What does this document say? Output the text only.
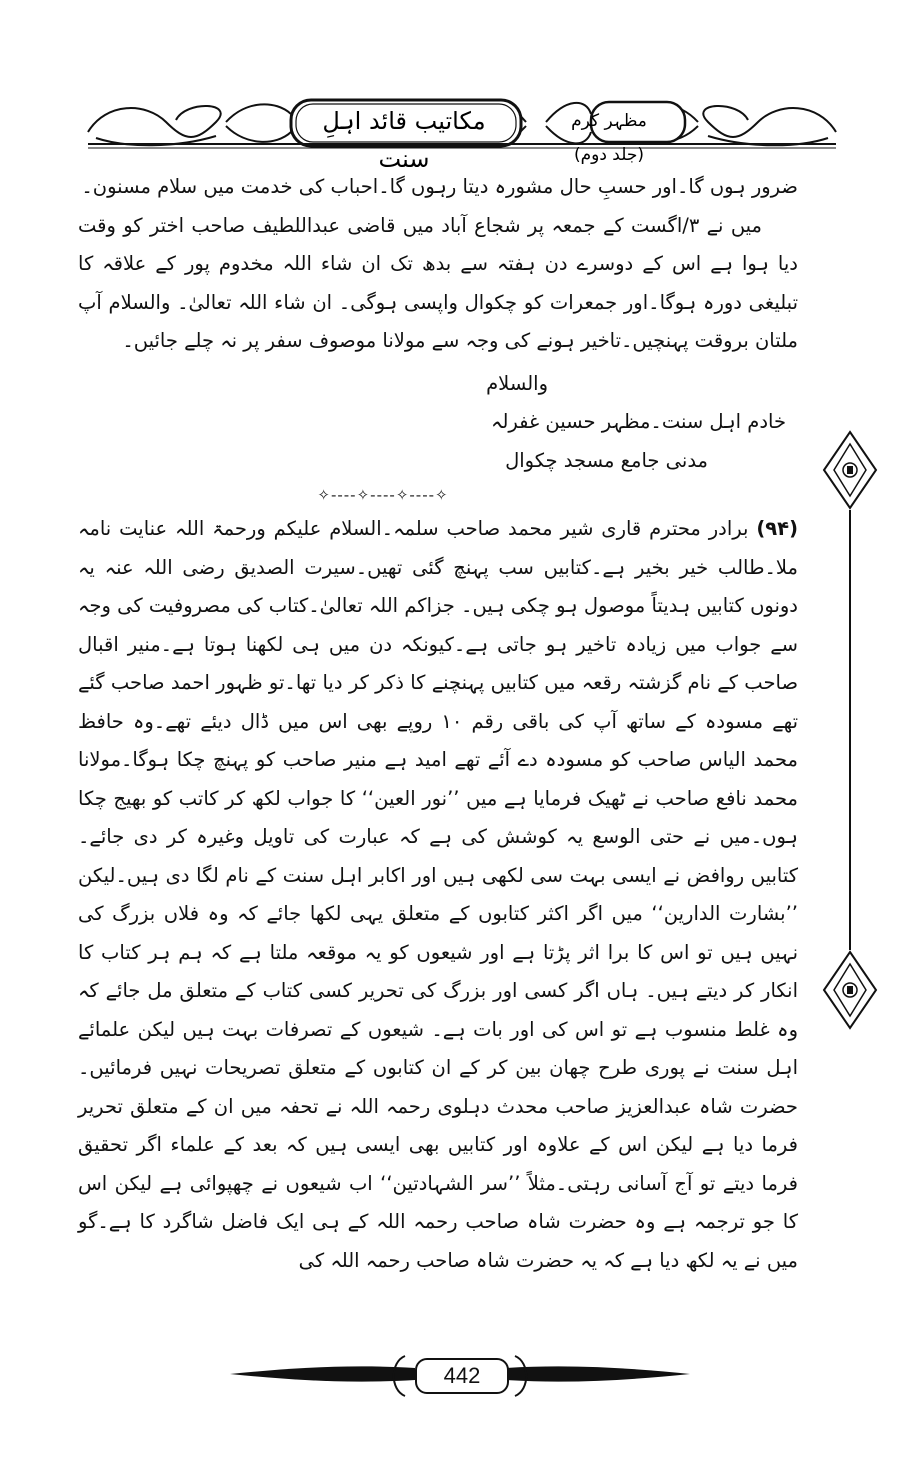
مظہر کرم (جلد دوم)
مکاتیب قائد اہلِ سنت

ضرور ہوں گا۔اور حسبِ حال مشورہ دیتا رہوں گا۔احباب کی خدمت میں سلام مسنون۔

میں نے ۳/اگست کے جمعہ پر شجاع آباد میں قاضی عبداللطیف صاحب اختر کو وقت دیا ہوا ہے اس کے دوسرے دن ہفتہ سے بدھ تک ان شاء اللہ مخدوم پور کے علاقہ کا تبلیغی دورہ ہوگا۔اور جمعرات کو چکوال واپسی ہوگی۔ ان شاء اللہ تعالیٰ۔ والسلام آپ ملتان بروقت پہنچیں۔تاخیر ہونے کی وجہ سے مولانا موصوف سفر پر نہ چلے جائیں۔

والسلام
خادم اہل سنت۔مظہر حسین غفرلہ
مدنی جامع مسجد چکوال
✧----✧----✧----✧

(۹۴) برادر محترم قاری شیر محمد صاحب سلمہ۔السلام علیکم ورحمۃ اللہ عنایت نامہ ملا۔طالب خیر بخیر ہے۔کتابیں سب پہنچ گئی تھیں۔سیرت الصدیق رضی اللہ عنہ یہ دونوں کتابیں ہدیتاً موصول ہو چکی ہیں۔ جزاکم اللہ تعالیٰ۔کتاب کی مصروفیت کی وجہ سے جواب میں زیادہ تاخیر ہو جاتی ہے۔کیونکہ دن میں ہی لکھنا ہوتا ہے۔منیر اقبال صاحب کے نام گزشتہ رقعہ میں کتابیں پہنچنے کا ذکر کر دیا تھا۔تو ظہور احمد صاحب گئے تھے مسودہ کے ساتھ آپ کی باقی رقم ۱۰ روپے بھی اس میں ڈال دیئے تھے۔وہ حافظ محمد الیاس صاحب کو مسودہ دے آئے تھے امید ہے منیر صاحب کو پہنچ چکا ہوگا۔مولانا محمد نافع صاحب نے ٹھیک فرمایا ہے میں ’’نور العین‘‘ کا جواب لکھ کر کاتب کو بھیج چکا ہوں۔میں نے حتی الوسع یہ کوشش کی ہے کہ عبارت کی تاویل وغیرہ کر دی جائے۔کتابیں روافض نے ایسی بہت سی لکھی ہیں اور اکابر اہل سنت کے نام لگا دی ہیں۔لیکن ’’بشارت الدارین‘‘ میں اگر اکثر کتابوں کے متعلق یہی لکھا جائے کہ وہ فلاں بزرگ کی نہیں ہیں تو اس کا برا اثر پڑتا ہے اور شیعوں کو یہ موقعہ ملتا ہے کہ ہم ہر کتاب کا انکار کر دیتے ہیں۔ ہاں اگر کسی اور بزرگ کی تحریر کسی کتاب کے متعلق مل جائے کہ وہ غلط منسوب ہے تو اس کی اور بات ہے۔ شیعوں کے تصرفات بہت ہیں لیکن علمائے اہل سنت نے پوری طرح چھان بین کر کے ان کتابوں کے متعلق تصریحات نہیں فرمائیں۔حضرت شاہ عبدالعزیز صاحب محدث دہلوی رحمہ اللہ نے تحفہ میں ان کے متعلق تحریر فرما دیا ہے لیکن اس کے علاوہ اور کتابیں بھی ایسی ہیں کہ بعد کے علماء اگر تحقیق فرما دیتے تو آج آسانی رہتی۔مثلاً ’’سر الشہادتین‘‘ اب شیعوں نے چھپوائی ہے لیکن اس کا جو ترجمہ ہے وہ حضرت شاہ صاحب رحمہ اللہ کے ہی ایک فاضل شاگرد کا ہے۔گو میں نے یہ لکھ دیا ہے کہ یہ حضرت شاہ صاحب رحمہ اللہ کی

442
